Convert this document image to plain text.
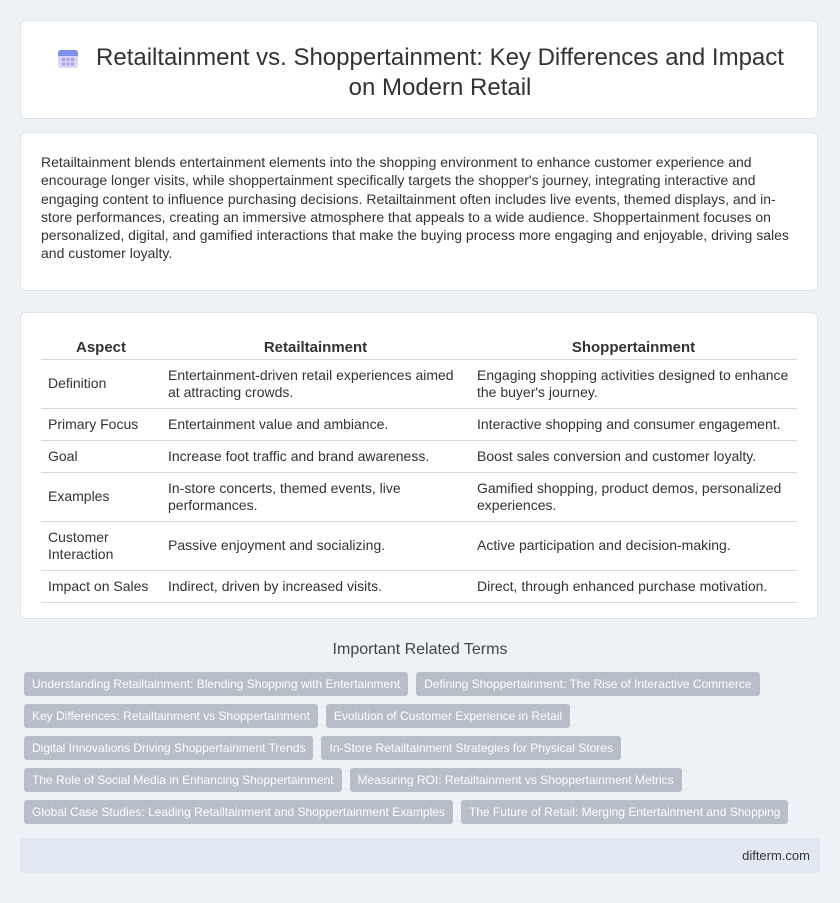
Retailtainment vs. Shoppertainment: Key Differences and Impact on Modern Retail
Retailtainment blends entertainment elements into the shopping environment to enhance customer experience and encourage longer visits, while shoppertainment specifically targets the shopper's journey, integrating interactive and engaging content to influence purchasing decisions. Retailtainment often includes live events, themed displays, and in-store performances, creating an immersive atmosphere that appeals to a wide audience. Shoppertainment focuses on personalized, digital, and gamified interactions that make the buying process more engaging and enjoyable, driving sales and customer loyalty.
Aspect	Retailtainment	Shoppertainment
Definition	Entertainment-driven retail experiences aimed at attracting crowds.	Engaging shopping activities designed to enhance the buyer's journey.
Primary Focus	Entertainment value and ambiance.	Interactive shopping and consumer engagement.
Goal	Increase foot traffic and brand awareness.	Boost sales conversion and customer loyalty.
Examples	In-store concerts, themed events, live performances.	Gamified shopping, product demos, personalized experiences.
Customer Interaction	Passive enjoyment and socializing.	Active participation and decision-making.
Impact on Sales	Indirect, driven by increased visits.	Direct, through enhanced purchase motivation.
Important Related Terms
Understanding Retailtainment: Blending Shopping with Entertainment	Defining Shoppertainment: The Rise of Interactive Commerce
Key Differences: Retailtainment vs Shoppertainment	Evolution of Customer Experience in Retail
Digital Innovations Driving Shoppertainment Trends	In-Store Retailtainment Strategies for Physical Stores
The Role of Social Media in Enhancing Shoppertainment	Measuring ROI: Retailtainment vs Shoppertainment Metrics
Global Case Studies: Leading Retailtainment and Shoppertainment Examples	The Future of Retail: Merging Entertainment and Shopping
difterm.com
